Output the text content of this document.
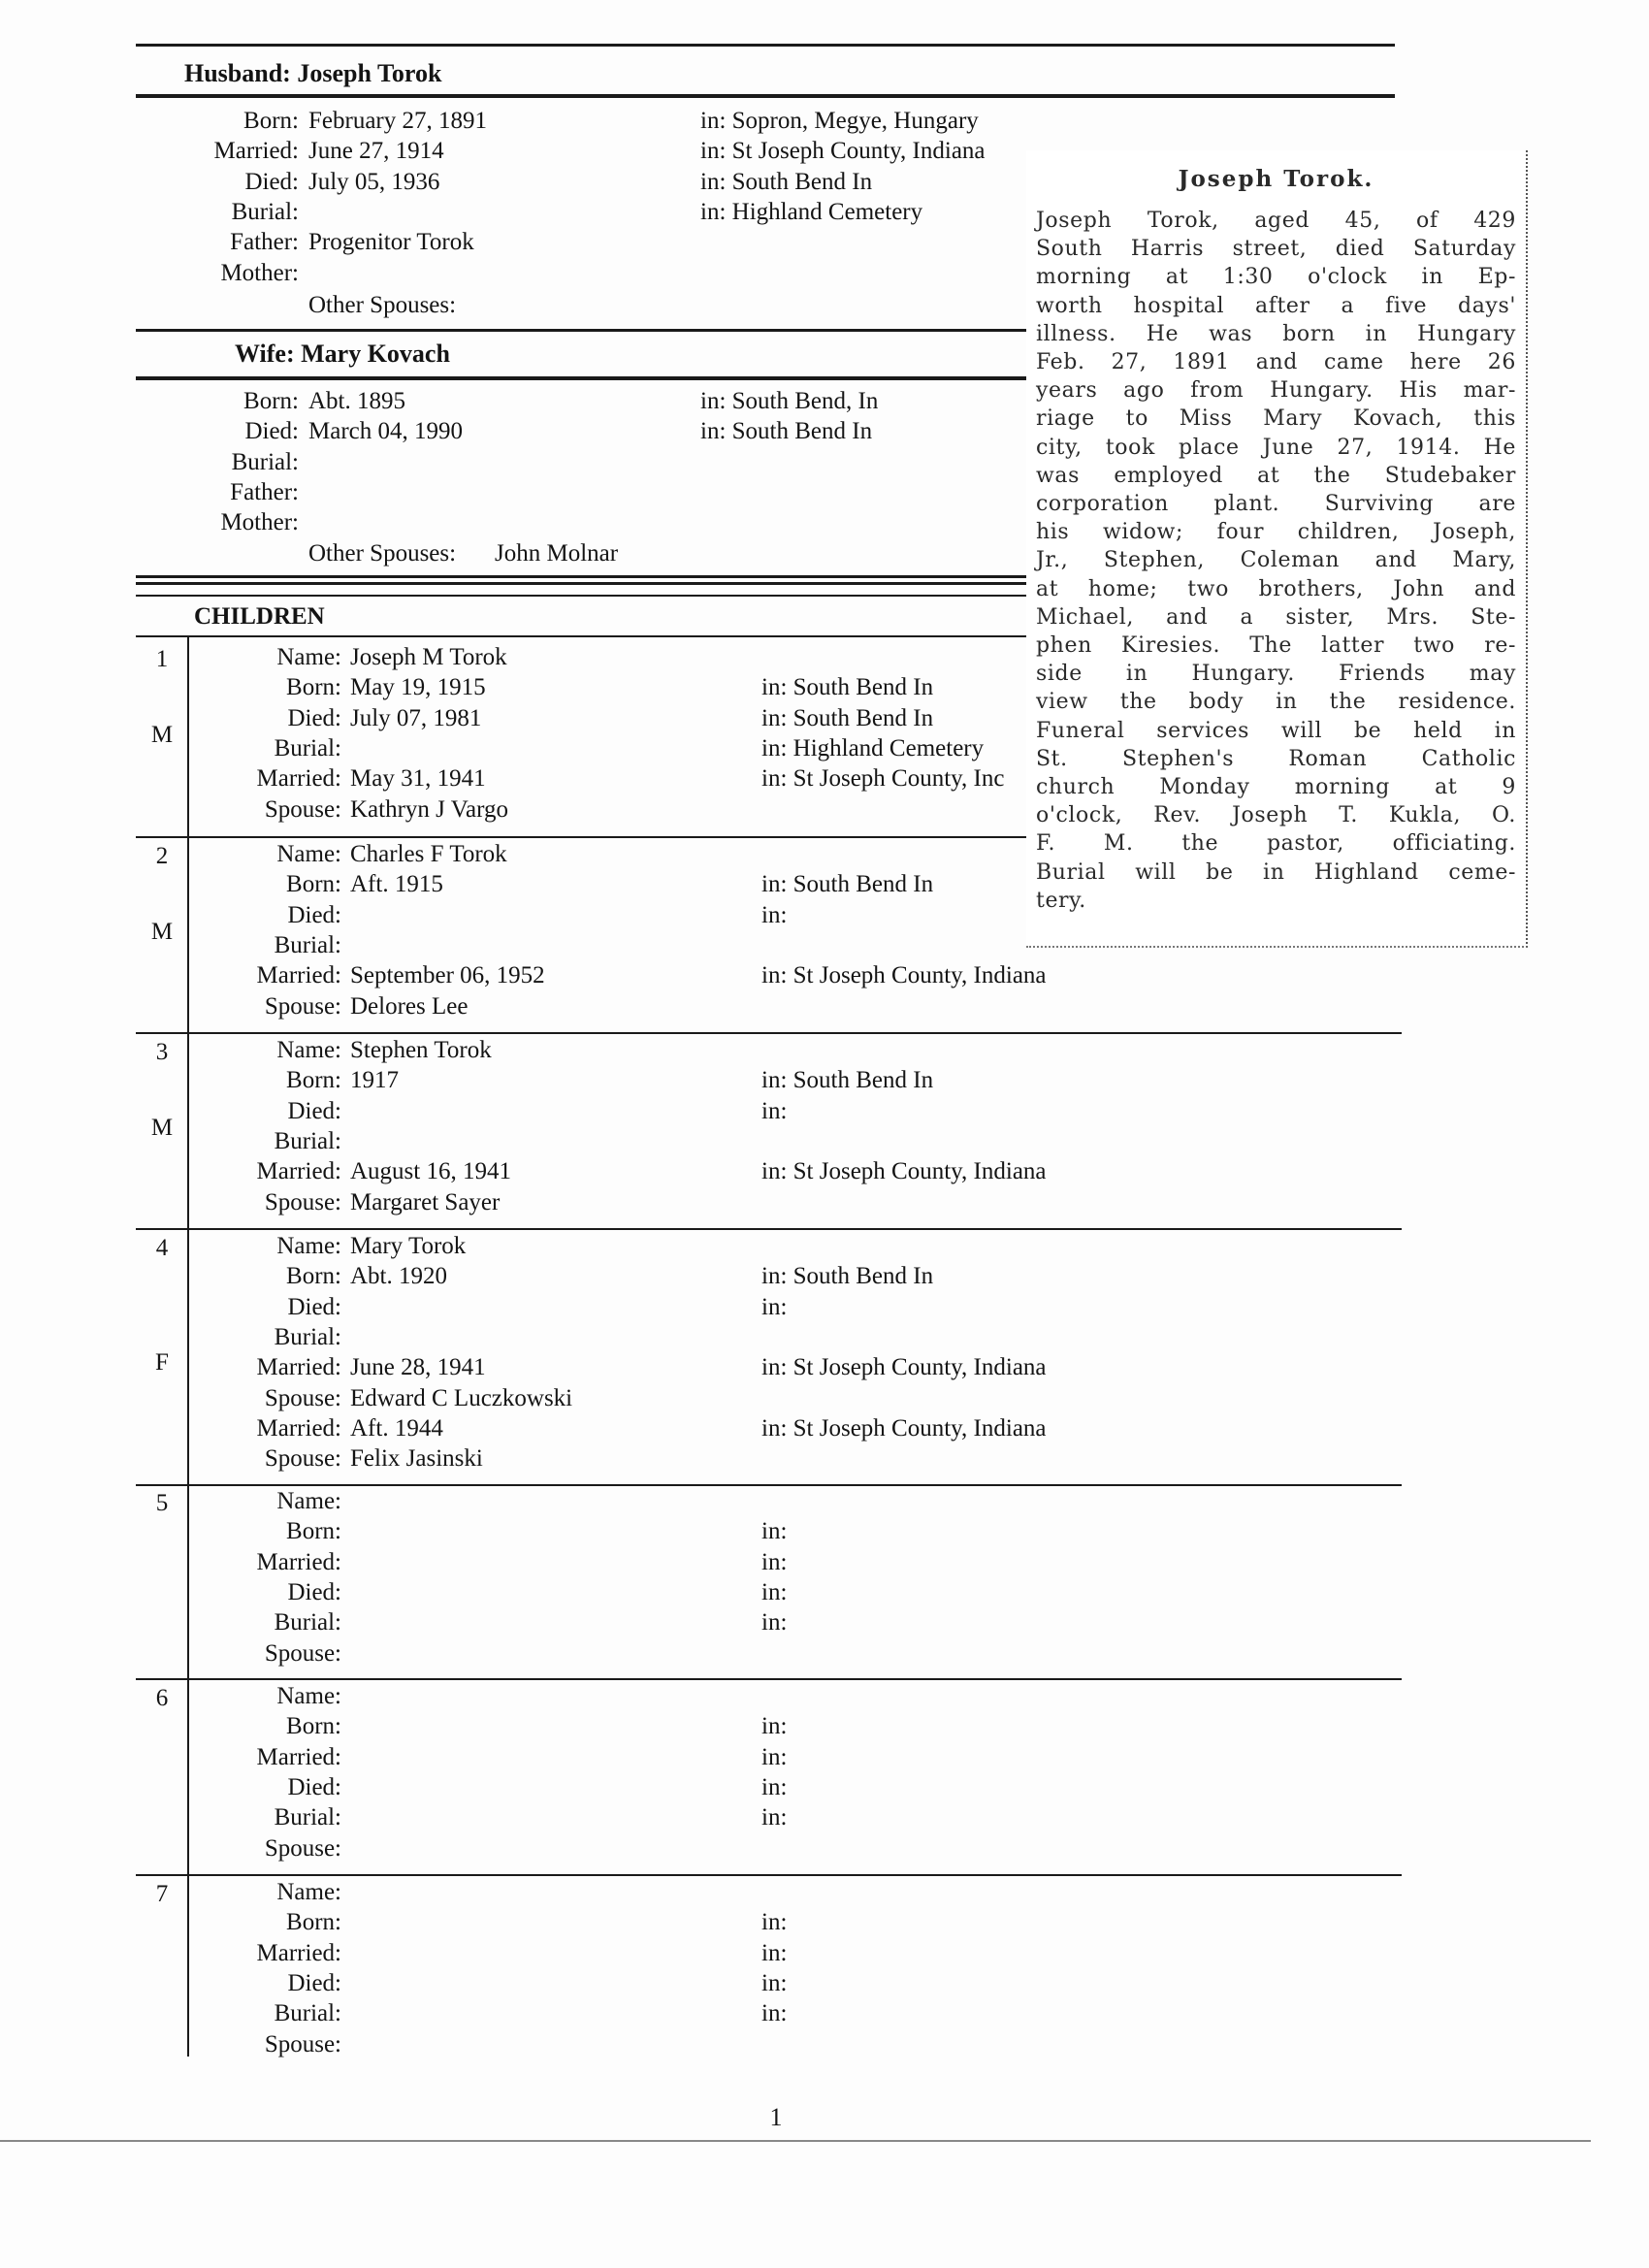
Husband: Joseph Torok
Born: February 27, 1891	in: Sopron, Megye, Hungary
Married: June 27, 1914	in: St Joseph County, Indiana
Died: July 05, 1936	in: South Bend In
Burial:	in: Highland Cemetery
Father: Progenitor Torok
Mother:
Other Spouses:
Wife: Mary Kovach
Born: Abt. 1895	in: South Bend, In
Died: March 04, 1990	in: South Bend In
Burial:
Father:
Mother:
Other Spouses: John Molnar
CHILDREN
1
M
Name: Joseph M Torok
Born: May 19, 1915	in: South Bend In
Died: July 07, 1981	in: South Bend In
Burial:	in: Highland Cemetery
Married: May 31, 1941	in: St Joseph County, Inc
Spouse: Kathryn J Vargo
2
M
Name: Charles F Torok
Born: Aft. 1915	in: South Bend In
Died:	in:
Burial:
Married: September 06, 1952	in: St Joseph County, Indiana
Spouse: Delores Lee
3
M
Name: Stephen Torok
Born: 1917	in: South Bend In
Died:	in:
Burial:
Married: August 16, 1941	in: St Joseph County, Indiana
Spouse: Margaret Sayer
4
F
Name: Mary Torok
Born: Abt. 1920	in: South Bend In
Died:	in:
Burial:
Married: June 28, 1941	in: St Joseph County, Indiana
Spouse: Edward C Luczkowski
Married: Aft. 1944	in: St Joseph County, Indiana
Spouse: Felix Jasinski
5	Name:
Born:	in:
Married:	in:
Died:	in:
Burial:	in:
Spouse:
6	Name:
Born:	in:
Married:	in:
Died:	in:
Burial:	in:
Spouse:
7	Name:
Born:	in:
Married:	in:
Died:	in:
Burial:	in:
Spouse:
Joseph Torok.
Joseph Torok, aged 45, of 429
South Harris street, died Saturday
morning at 1:30 o'clock in Ep-
worth hospital after a five days'
illness. He was born in Hungary
Feb. 27, 1891 and came here 26
years ago from Hungary. His mar-
riage to Miss Mary Kovach, this
city, took place June 27, 1914. He
was employed at the Studebaker
corporation plant. Surviving are
his widow; four children, Joseph,
Jr., Stephen, Coleman and Mary,
at home; two brothers, John and
Michael, and a sister, Mrs. Ste-
phen Kiresies. The latter two re-
side in Hungary. Friends may
view the body in the residence.
Funeral services will be held in
St. Stephen's Roman Catholic
church Monday morning at 9
o'clock, Rev. Joseph T. Kukla, O.
F. M. the pastor, officiating.
Burial will be in Highland ceme-
tery.
1
